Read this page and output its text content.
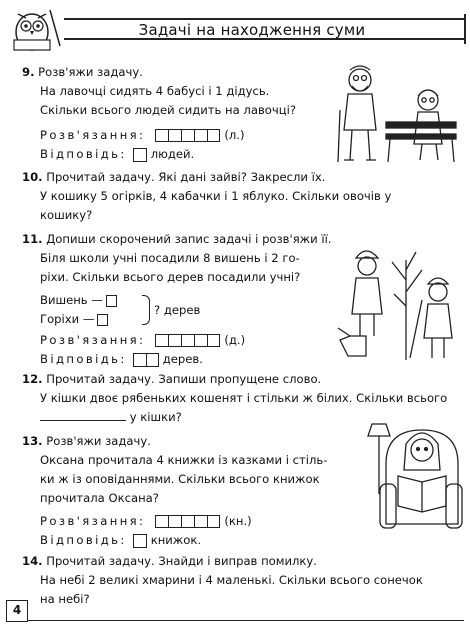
Задачі на находження суми
9. Розв'яжи задачу.
На лавочці сидять 4 бабусі і 1 дідусь.
Скільки всього людей сидить на лавочці?
Розв'язання:	(л.)
Відповідь: людей.
10. Прочитай задачу. Які дані зайві? Закресли їх.
У кошику 5 огірків, 4 кабачки і 1 яблуко. Скільки овочів у
кошику?
11. Допиши скорочений запис задачі і розв'яжи її.
Біля школи учні посадили 8 вишень і 2 го-
ріхи. Скільки всього дерев посадили учні?
Вишень —
Горіхи —
? дерев
Розв'язання:	(д.)
Відповідь:	дерев.
12. Прочитай задачу. Запиши пропущене слово.
У кішки двоє рябеньких кошенят і стільки ж білих. Скільки всього
у кішки?
13. Розв'яжи задачу.
Оксана прочитала 4 книжки із казками і стіль-
ки ж із оповіданнями. Скільки всього книжок
прочитала Оксана?
Розв'язання:	(кн.)
Відповідь: книжок.
14. Прочитай задачу. Знайди і виправ помилку.
На небі 2 великі хмарини і 4 маленькі. Скільки всього сонечок
на небі?
4
